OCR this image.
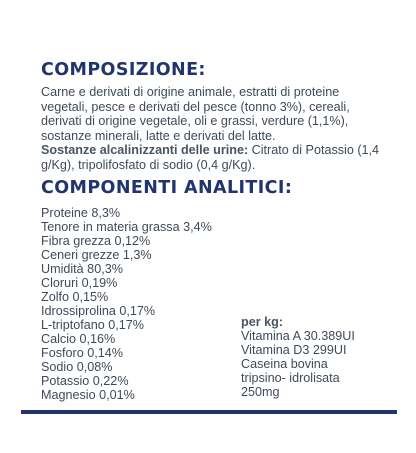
COMPOSIZIONE:

Carne e derivati di origine animale, estratti di proteine vegetali, pesce e derivati del pesce (tonno 3%), cereali, derivati di origine vegetale, oli e grassi, verdure (1,1%), sostanze minerali, latte e derivati del latte.

Sostanze alcalinizzanti delle urine: Citrato di Potassio (1,4 g/Kg), tripolifosfato di sodio (0,4 g/Kg).

COMPONENTI ANALITICI:
Proteine 8,3%
Tenore in materia grassa 3,4%
Fibra grezza 0,12%
Ceneri grezze 1,3%
Umidità 80,3%
Cloruri 0,19%
Zolfo 0,15%
Idrossiprolina 0,17%
L-triptofano 0,17%
Calcio 0,16%
Fosforo 0,14%
Sodio 0,08%
Potassio 0,22%
Magnesio 0,01%
per kg:
Vitamina A 30.389UI
Vitamina D3 299UI
Caseina bovina
tripsino- idrolisata
250mg
